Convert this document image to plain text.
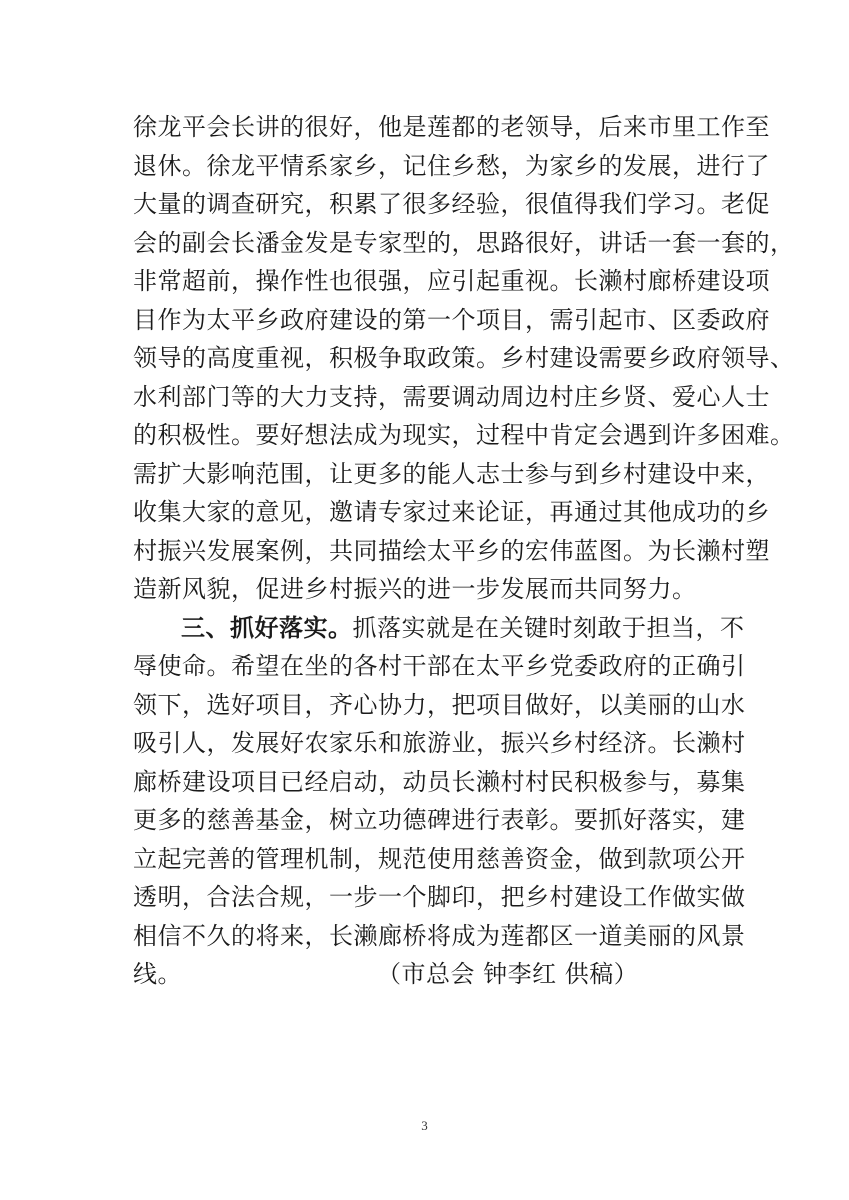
徐龙平会长讲的很好，他是莲都的老领导，后来市里工作至
退休。徐龙平情系家乡，记住乡愁，为家乡的发展，进行了
大量的调查研究，积累了很多经验，很值得我们学习。老促
会的副会长潘金发是专家型的，思路很好，讲话一套一套的，
非常超前，操作性也很强，应引起重视。长濑村廊桥建设项
目作为太平乡政府建设的第一个项目，需引起市、区委政府
领导的高度重视，积极争取政策。乡村建设需要乡政府领导、
水利部门等的大力支持，需要调动周边村庄乡贤、爱心人士
的积极性。要好想法成为现实，过程中肯定会遇到许多困难。
需扩大影响范围，让更多的能人志士参与到乡村建设中来，
收集大家的意见，邀请专家过来论证，再通过其他成功的乡
村振兴发展案例，共同描绘太平乡的宏伟蓝图。为长濑村塑
造新风貌，促进乡村振兴的进一步发展而共同努力。
三、抓好落实。抓落实就是在关键时刻敢于担当，不
辱使命。希望在坐的各村干部在太平乡党委政府的正确引
领下，选好项目，齐心协力，把项目做好，以美丽的山水
吸引人，发展好农家乐和旅游业，振兴乡村经济。长濑村
廊桥建设项目已经启动，动员长濑村村民积极参与，募集
更多的慈善基金，树立功德碑进行表彰。要抓好落实，建
立起完善的管理机制，规范使用慈善资金，做到款项公开
透明，合法合规，一步一个脚印，把乡村建设工作做实做
相信不久的将来，长濑廊桥将成为莲都区一道美丽的风景
线。	（市总会 钟李红 供稿）
3
